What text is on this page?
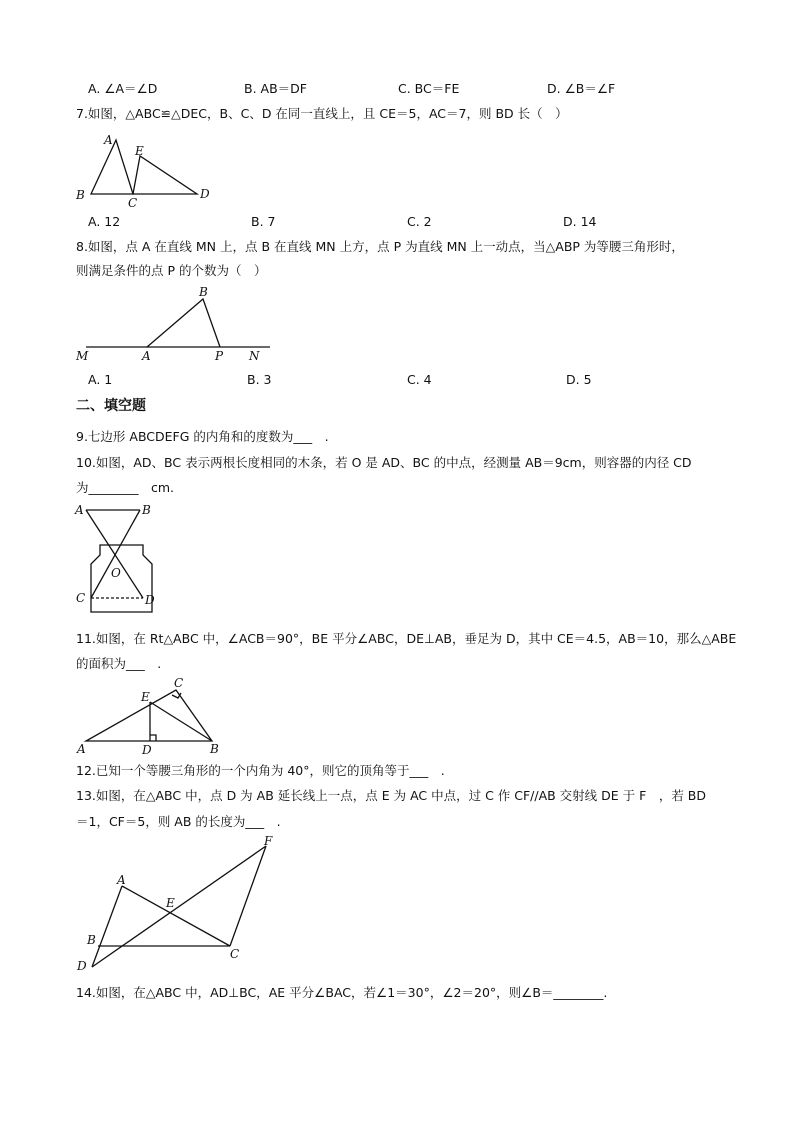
A. ∠A＝∠D	B. AB＝DF	C. BC＝FE	D. ∠B＝∠F
7.如图，△ABC≌△DEC，B、C、D 在同一直线上，且 CE＝5，AC＝7，则 BD 长（　）
A
B
C
D
E
A. 12	B. 7	C. 2	D. 14
8.如图，点 A 在直线 MN 上，点 B 在直线 MN 上方，点 P 为直线 MN 上一动点，当△ABP 为等腰三角形时，
则满足条件的点 P 的个数为（　）
M	A	P N
B
A. 1	B. 3	C. 4	D. 5
二、填空题
9.七边形 ABCDEFG 的内角和的度数为___　.
10.如图，AD、BC 表示两根长度相同的木条，若 O 是 AD、BC 的中点，经测量 AB＝9cm，则容器的内径 CD
为________　cm.
A	B
O
C	D
11.如图，在 Rt△ABC 中，∠ACB＝90°，BE 平分∠ABC，DE⊥AB，垂足为 D，其中 CE＝4.5，AB＝10，那么△ABE
的面积为___　.
A	B
C
D
E
12.已知一个等腰三角形的一个内角为 40°，则它的顶角等于___　.
13.如图，在△ABC 中，点 D 为 AB 延长线上一点，点 E 为 AC 中点，过 C 作 CF//AB 交射线 DE 于 F　，若 BD
＝1，CF＝5，则 AB 的长度为___　.
A
B
C
D
E
F
14.如图，在△ABC 中，AD⊥BC，AE 平分∠BAC，若∠1＝30°，∠2＝20°，则∠B＝________.
